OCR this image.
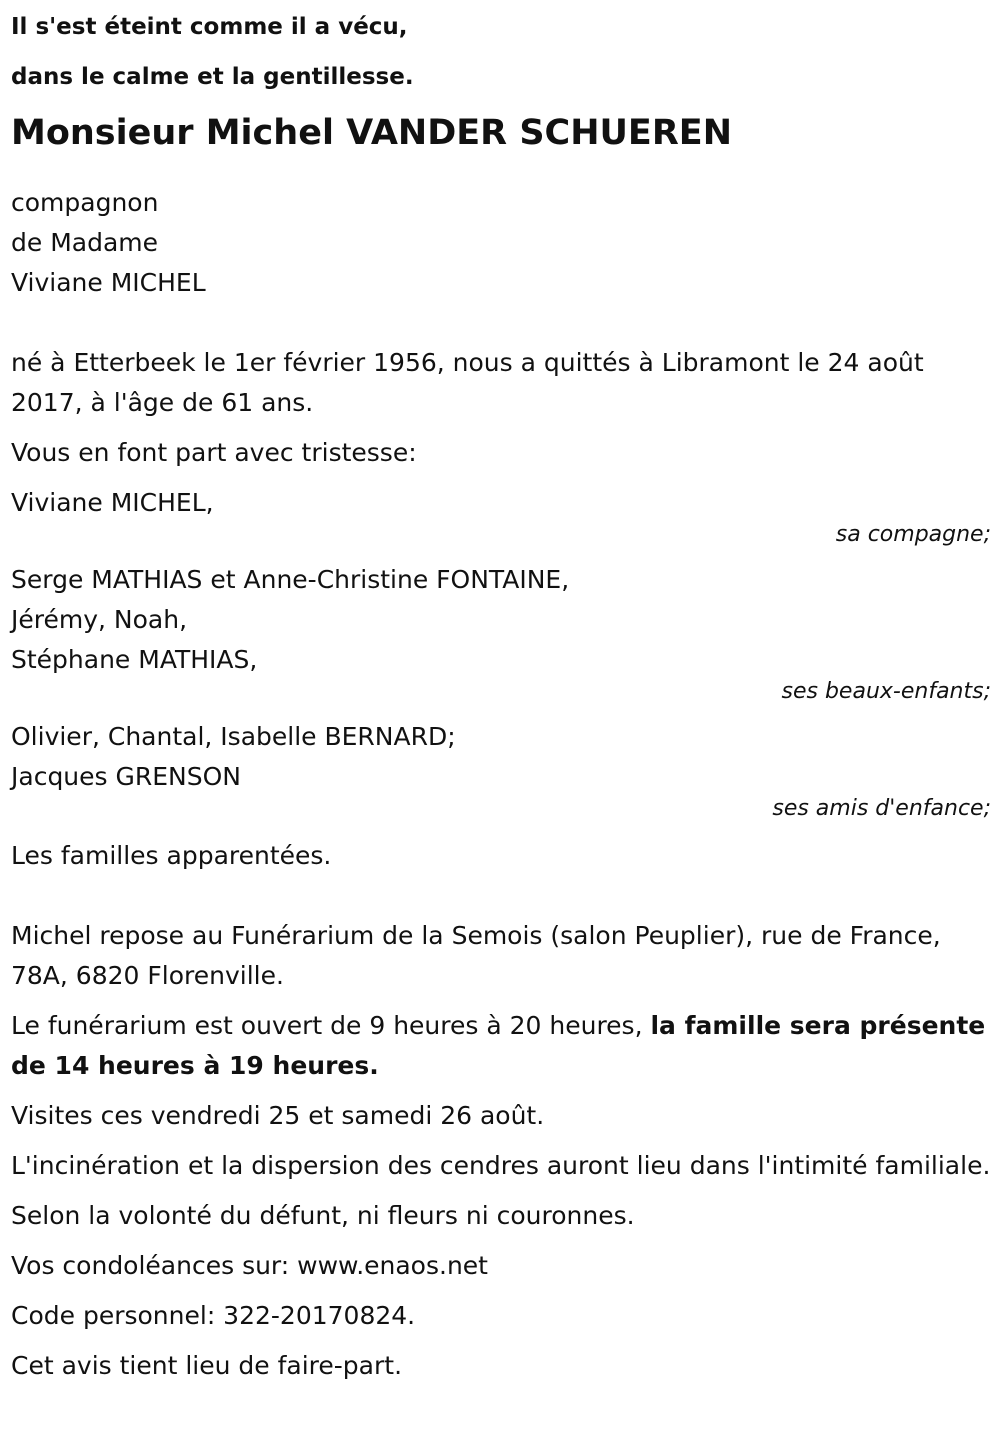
Il s'est éteint comme il a vécu,
dans le calme et la gentillesse.

Monsieur Michel VANDER SCHUEREN

compagnon
de Madame
Viviane MICHEL

né à Etterbeek le 1er février 1956, nous a quittés à Libramont le 24 août 2017, à l'âge de 61 ans.

Vous en font part avec tristesse:

Viviane MICHEL,
sa compagne;
Serge MATHIAS et Anne-Christine FONTAINE,
Jérémy, Noah,
Stéphane MATHIAS,
ses beaux-enfants;
Olivier, Chantal, Isabelle BERNARD;
Jacques GRENSON
ses amis d'enfance;

Les familles apparentées.

Michel repose au Funérarium de la Semois (salon Peuplier), rue de France, 78A, 6820 Florenville.

Le funérarium est ouvert de 9 heures à 20 heures, la famille sera présente de 14 heures à 19 heures.

Visites ces vendredi 25 et samedi 26 août.

L'incinération et la dispersion des cendres auront lieu dans l'intimité familiale.

Selon la volonté du défunt, ni fleurs ni couronnes.

Vos condoléances sur: www.enaos.net

Code personnel: 322-20170824.

Cet avis tient lieu de faire-part.
